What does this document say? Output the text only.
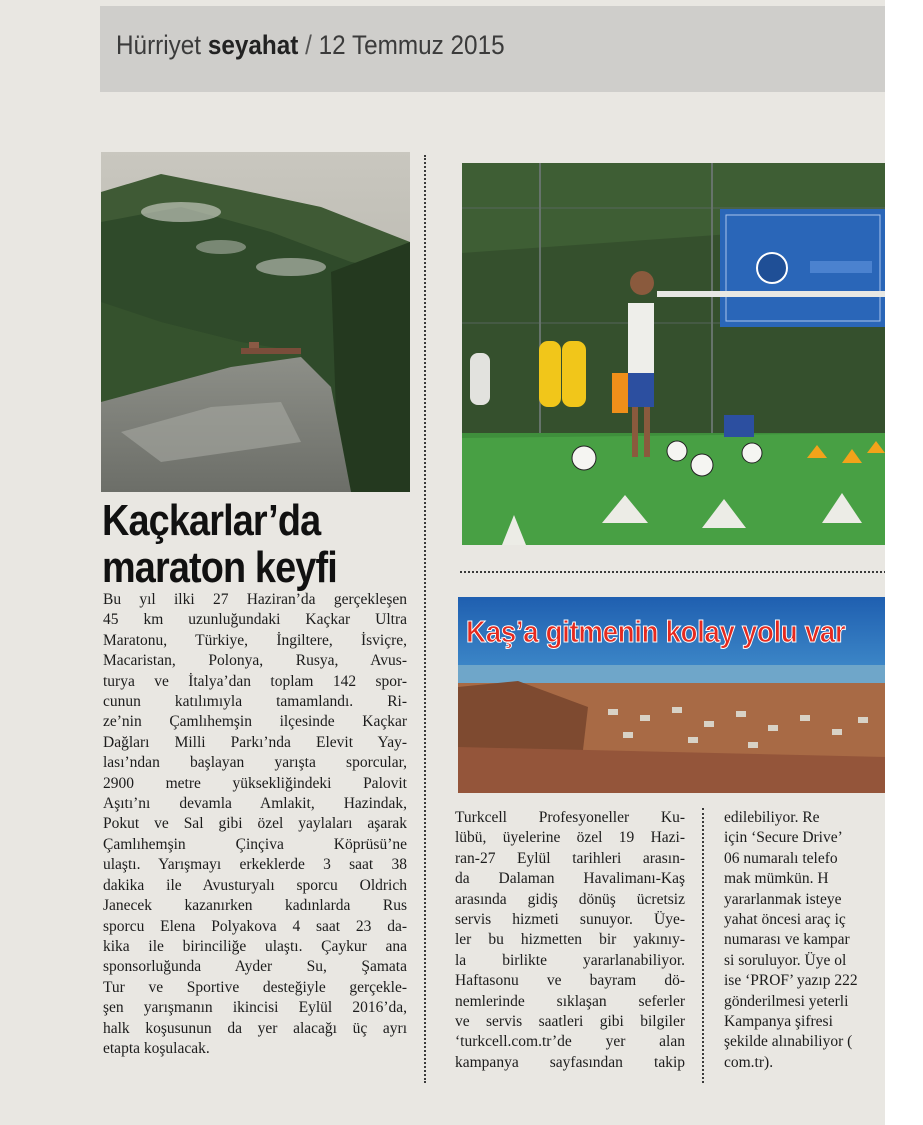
Hürriyet seyahat / 12 Temmuz 2015
Kaçkarlar’da
maraton keyfi
Bu yıl ilki 27 Haziran’da gerçekleşen
45 km uzunluğundaki Kaçkar Ultra
Maratonu, Türkiye, İngiltere, İsviçre,
Macaristan, Polonya, Rusya, Avus-
turya ve İtalya’dan toplam 142 spor-
cunun katılımıyla tamamlandı. Ri-
ze’nin Çamlıhemşin ilçesinde Kaçkar
Dağları Milli Parkı’nda Elevit Yay-
lası’ndan başlayan yarışta sporcular,
2900 metre yüksekliğindeki Palovit
Aşıtı’nı devamla Amlakit, Hazindak,
Pokut ve Sal gibi özel yaylaları aşarak
Çamlıhemşin Çinçiva Köprüsü’ne
ulaştı. Yarışmayı erkeklerde 3 saat 38
dakika ile Avusturyalı sporcu Oldrich
Janecek kazanırken kadınlarda Rus
sporcu Elena Polyakova 4 saat 23 da-
kika ile birinciliğe ulaştı. Çaykur ana
sponsorluğunda Ayder Su, Şamata
Tur ve Sportive desteğiyle gerçekle-
şen yarışmanın ikincisi Eylül 2016’da,
halk koşusunun da yer alacağı üç ayrı
etapta koşulacak.
Kaş’a gitmenin kolay yolu var
Turkcell Profesyoneller Ku-
lübü, üyelerine özel 19 Hazi-
ran-27 Eylül tarihleri arasın-
da Dalaman Havalimanı-Kaş
arasında gidiş dönüş ücretsiz
servis hizmeti sunuyor. Üye-
ler bu hizmetten bir yakınıy-
la birlikte yararlanabiliyor.
Haftasonu ve bayram dö-
nemlerinde sıklaşan seferler
ve servis saatleri gibi bilgiler
‘turkcell.com.tr’de yer alan
kampanya sayfasından takip
edilebiliyor. Re
için ‘Secure Drive’
06 numaralı telefo
mak mümkün. H
yararlanmak isteye
yahat öncesi araç iç
numarası ve kampar
si soruluyor. Üye ol
ise ‘PROF’ yazıp 222
gönderilmesi yeterli
Kampanya şifresi
şekilde alınabiliyor (
com.tr).
